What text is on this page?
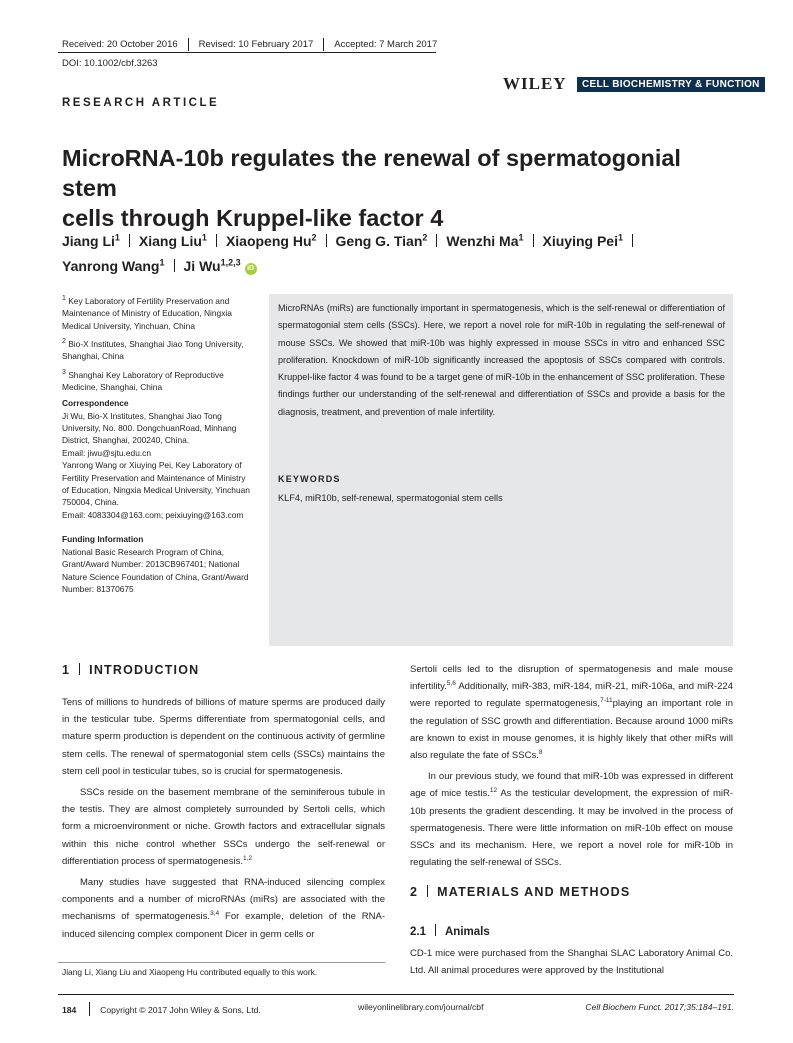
Received: 20 October 2016 Revised: 10 February 2017 Accepted: 7 March 2017
DOI: 10.1002/cbf.3263
WILEY CELL BIOCHEMISTRY & FUNCTION
RESEARCH ARTICLE
MicroRNA-10b regulates the renewal of spermatogonial stem
cells through Kruppel-like factor 4
Jiang Li$^1$ Xiang Liu$^1$ Xiaopeng Hu$^2$ Geng G. Tian$^2$ Wenzhi Ma$^1$ Xiuying Pei$^1$
Yanrong Wang$^1$ Ji Wu$^{1,2,3}$iD

$^1$ Key Laboratory of Fertility Preservation and Maintenance of Ministry of Education, Ningxia Medical University, Yinchuan, China

$^2$ Bio-X Institutes, Shanghai Jiao Tong University, Shanghai, China

$^3$ Shanghai Key Laboratory of Reproductive Medicine, Shanghai, China

Correspondence
Ji Wu, Bio-X Institutes, Shanghai Jiao Tong University, No. 800. DongchuanRoad, Minhang District, Shanghai, 200240, China.
Email: jiwu@sjtu.edu.cn
Yanrong Wang or Xiuying Pei, Key Laboratory of Fertility Preservation and Maintenance of Ministry of Education, Ningxia Medical University, Yinchuan 750004, China.
Email: 4083304@163.com; peixiuying@163.com
Funding Information
National Basic Research Program of China, Grant/Award Number: 2013CB967401; National Nature Science Foundation of China, Grant/Award Number: 81370675
MicroRNAs (miRs) are functionally important in spermatogenesis, which is the self-renewal or differentiation of spermatogonial stem cells (SSCs). Here, we report a novel role for miR-10b in regulating the self-renewal of mouse SSCs. We showed that miR-10b was highly expressed in mouse SSCs in vitro and enhanced SSC proliferation. Knockdown of miR-10b significantly increased the apoptosis of SSCs compared with controls. Kruppel-like factor 4 was found to be a target gene of miR-10b in the enhancement of SSC proliferation. These findings further our understanding of the self-renewal and differentiation of SSCs and provide a basis for the diagnosis, treatment, and prevention of male infertility.
KEYWORDS
KLF4, miR10b, self-renewal, spermatogonial stem cells
1 INTRODUCTION

Tens of millions to hundreds of billions of mature sperms are produced daily in the testicular tube. Sperms differentiate from spermatogonial cells, and mature sperm production is dependent on the continuous activity of germline stem cells. The renewal of spermatogonial stem cells (SSCs) maintains the stem cell pool in testicular tubes, so is crucial for spermatogenesis.

SSCs reside on the basement membrane of the seminiferous tubule in the testis. They are almost completely surrounded by Sertoli cells, which form a microenvironment or niche. Growth factors and extracellular signals within this niche control whether SSCs undergo the self-renewal or differentiation process of spermatogenesis.$^{1,2}$

Many studies have suggested that RNA-induced silencing complex components and a number of microRNAs (miRs) are associated with the mechanisms of spermatogenesis.$^{3,4}$ For example, deletion of the RNA-induced silencing complex component Dicer in germ cells or

Jiang Li, Xiang Liu and Xiaopeng Hu contributed equally to this work.

Sertoli cells led to the disruption of spermatogenesis and male mouse infertility.$^{5,6}$ Additionally, miR-383, miR-184, miR-21, miR-106a, and miR-224 were reported to regulate spermatogenesis,$^{7-11}$playing an important role in the regulation of SSC growth and differentiation. Because around 1000 miRs are known to exist in mouse genomes, it is highly likely that other miRs will also regulate the fate of SSCs.$^8$

In our previous study, we found that miR-10b was expressed in different age of mice testis.$^{12}$ As the testicular development, the expression of miR-10b presents the gradient descending. It may be involved in the process of spermatogenesis. There were little information on miR-10b effect on mouse SSCs and its mechanism. Here, we report a novel role for miR-10b in regulating the self-renewal of SSCs.

2 MATERIALS AND METHODS
2.1 Animals
CD-1 mice were purchased from the Shanghai SLAC Laboratory Animal Co. Ltd. All animal procedures were approved by the Institutional
184	Copyright © 2017 John Wiley & Sons, Ltd.	wileyonlinelibrary.com/journal/cbf	Cell Biochem Funct. 2017;35:184–191.
